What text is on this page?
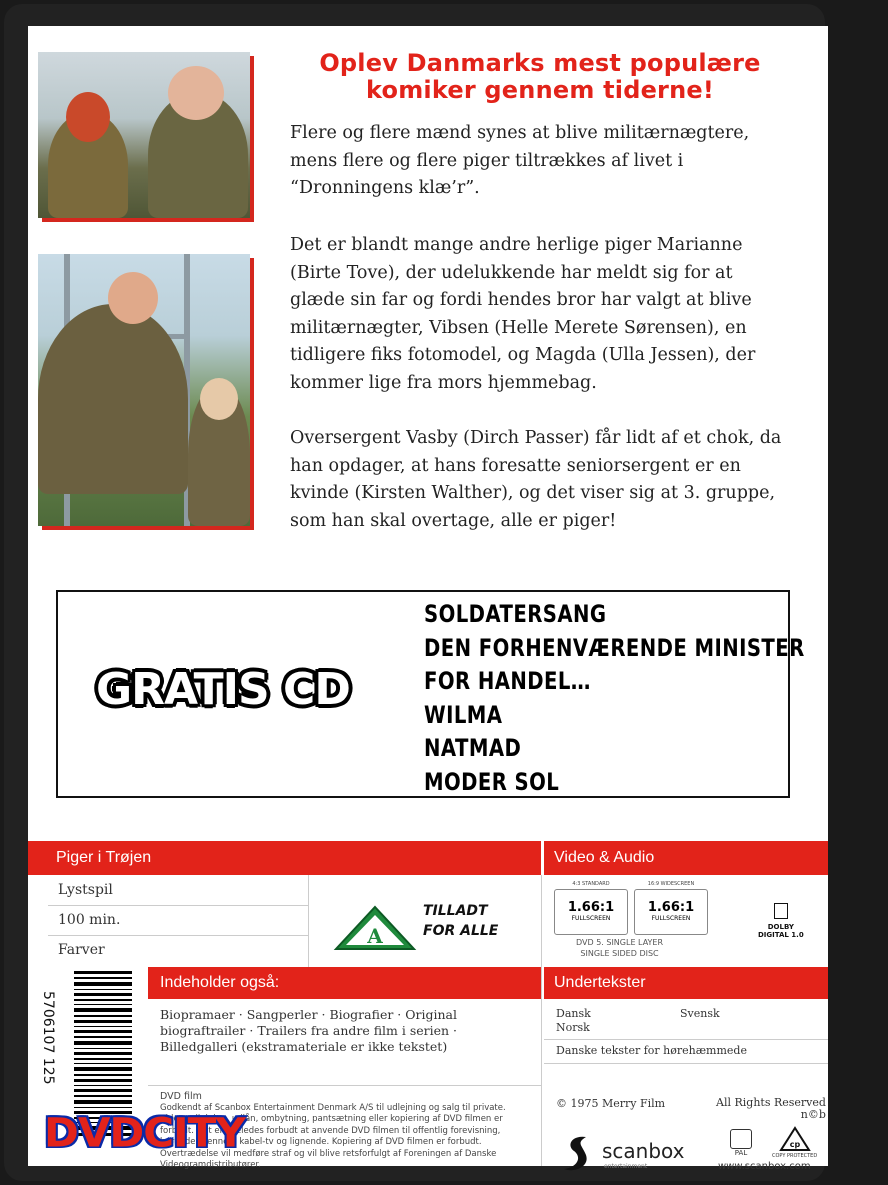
Oplev Danmarks mest populære
komiker gennem tiderne!
Flere og flere mænd synes at blive militærnægtere, mens flere og flere piger tiltrækkes af livet i “Dronningens klæ’r”.
Det er blandt mange andre herlige piger Marianne (Birte Tove), der udelukkende har meldt sig for at glæde sin far og fordi hendes bror har valgt at blive militærnægter, Vibsen (Helle Merete Sørensen), en tidligere fiks fotomodel, og Magda (Ulla Jessen), der kommer lige fra mors hjemmebag.
Oversergent Vasby (Dirch Passer) får lidt af et chok, da han opdager, at hans foresatte seniorsergent er en kvinde (Kirsten Walther), og det viser sig at 3. gruppe, som han skal overtage, alle er piger!
GRATIS CD
SOLDATERSANG
DEN FORHENVÆRENDE MINISTER
FOR HANDEL…
WILMA
NATMAD
MODER SOL
Piger i Trøjen	Video & Audio
Lystspil
100 min.
Farver
A
TILLADT
FOR ALLE
4:3 STANDARD
1.66:1
FULLSCREEN
16:9 WIDESCREEN
1.66:1
FULLSCREEN
DVD 5. SINGLE LAYER
SINGLE SIDED DISC
DOLBY
DIGITAL 1.0
Indeholder også:	Undertekster
Biopramaer · Sangperler · Biografier · Original biograftrailer · Trailers fra andre film i serien · Billedgalleri (ekstramateriale er ikke tekstet)
Dansk	Svensk
Norsk
Danske tekster for hørehæmmede
5706107 125
DVD film
Godkendt af Scanbox Entertainment Denmark A/S til udlejning og salg til private. Videreudlejning, udlån, ombytning, pantsætning eller kopiering af DVD filmen er forbudt. Det er ligeledes forbudt at anvende DVD filmen til offentlig forevisning, herunder gennem kabel-tv og lignende. Kopiering af DVD filmen er forbudt. Overtrædelse vil medføre straf og vil blive retsforfulgt af Foreningen af Danske Videogramdistributører.
© 1975 Merry Film	All Rights Reserved
n©b
scanbox
entertainment
PAL
cp
COPY PROTECTED
www.scanbox.com
DVDCITY
